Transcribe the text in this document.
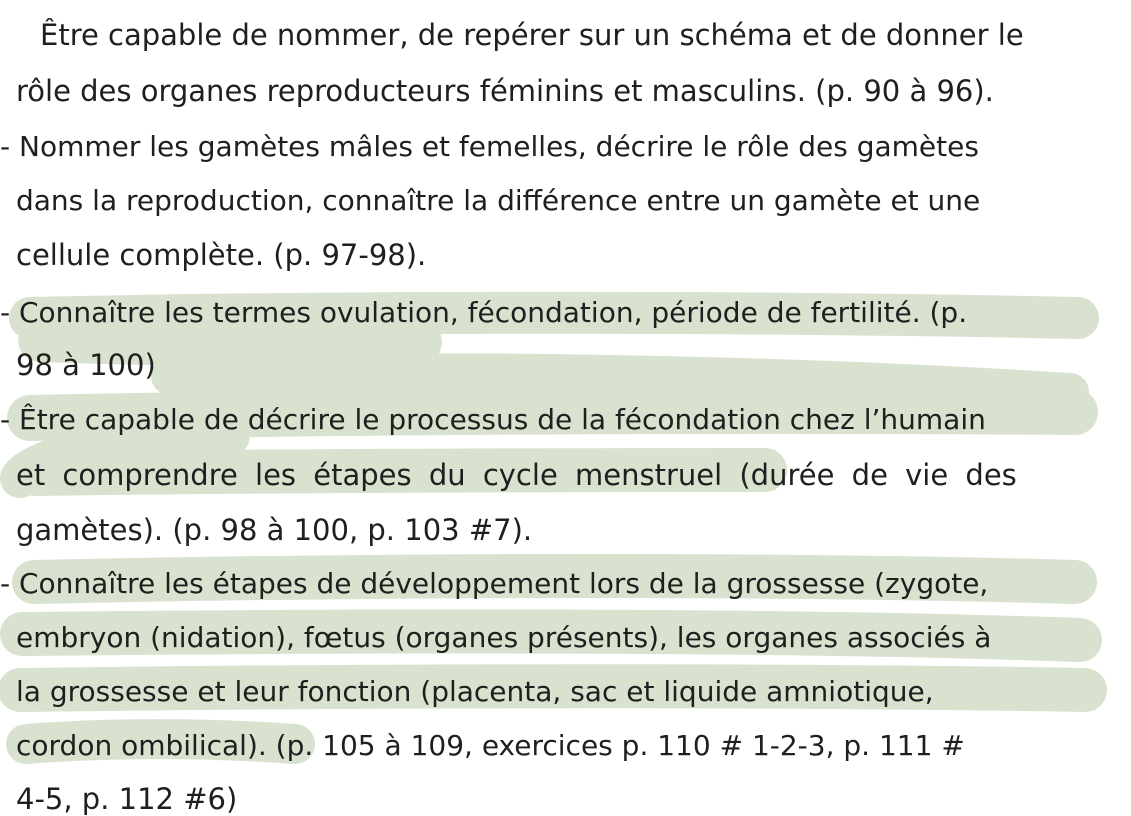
Être capable de nommer, de repérer sur un schéma et de donner le
rôle des organes reproducteurs féminins et masculins. (p. 90 à 96).
- Nommer les gamètes mâles et femelles, décrire le rôle des gamètes
dans la reproduction, connaître la différence entre un gamète et une
cellule complète. (p. 97-98).
- Connaître les termes ovulation, fécondation, période de fertilité. (p.
98 à 100)
- Être capable de décrire le processus de la fécondation chez l’humain
et comprendre les étapes du cycle menstruel (durée de vie des
gamètes). (p. 98 à 100, p. 103 #7).
- Connaître les étapes de développement lors de la grossesse (zygote,
embryon (nidation), fœtus (organes présents), les organes associés à
la grossesse et leur fonction (placenta, sac et liquide amniotique,
cordon ombilical). (p. 105 à 109, exercices p. 110 # 1-2-3, p. 111 #
4-5, p. 112 #6)
